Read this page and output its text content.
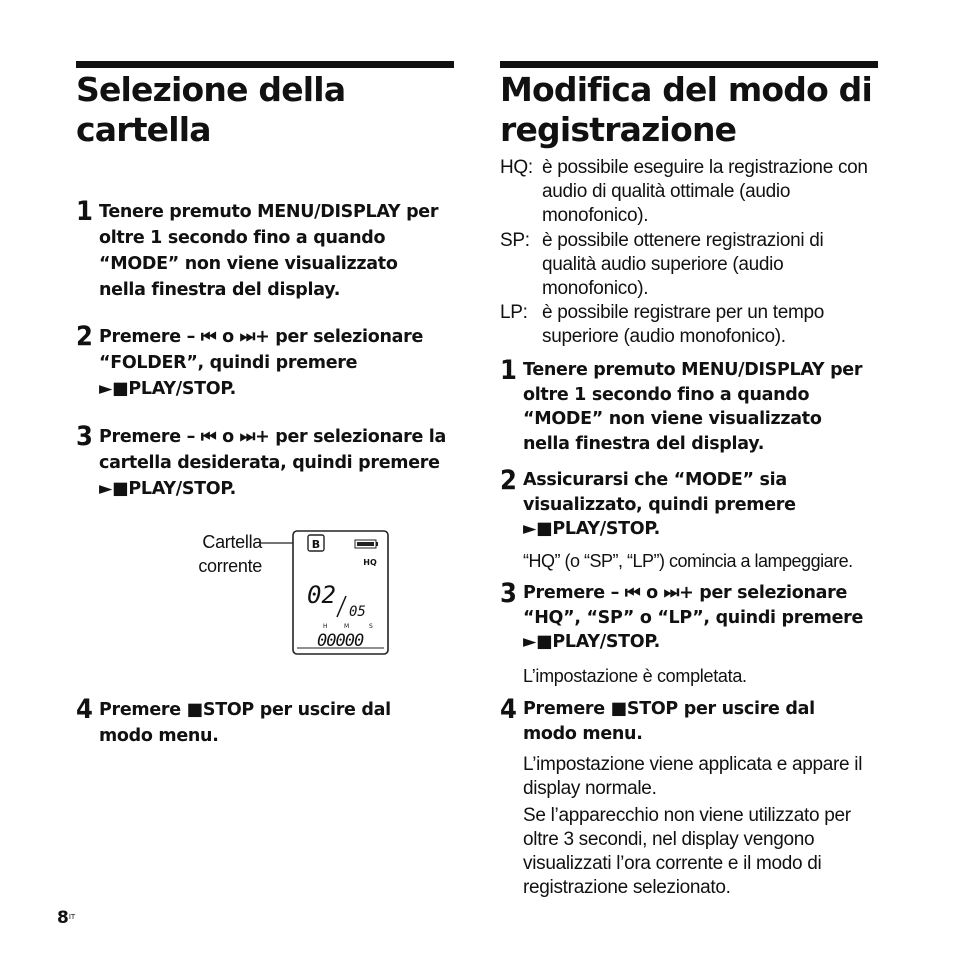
Selezione della cartella
1 Tenere premuto MENU/DISPLAY per oltre 1 secondo fino a quando “MODE” non viene visualizzato nella finestra del display.
2 Premere – ⏮ o ⏭+ per selezionare “FOLDER”, quindi premere ►■PLAY/STOP.
3 Premere – ⏮ o ⏭+ per selezionare la cartella desiderata, quindi premere ►■PLAY/STOP.
Cartella corrente
B
HQ
02
05
H	M	S
00000
4 Premere ■STOP per uscire dal modo menu.
Modifica del modo di registrazione
HQ: è possibile eseguire la registrazione con audio di qualità ottimale (audio monofonico).
SP: è possibile ottenere registrazioni di qualità audio superiore (audio monofonico).
LP: è possibile registrare per un tempo superiore (audio monofonico).
1 Tenere premuto MENU/DISPLAY per oltre 1 secondo fino a quando “MODE” non viene visualizzato nella finestra del display.
2 Assicurarsi che “MODE” sia visualizzato, quindi premere ►■PLAY/STOP.
“HQ” (o “SP”, “LP”) comincia a lampeggiare.
3 Premere – ⏮ o ⏭+ per selezionare “HQ”, “SP” o “LP”, quindi premere ►■PLAY/STOP.
L’impostazione è completata.
4 Premere ■STOP per uscire dal modo menu.
L’impostazione viene applicata e appare il display normale.
Se l’apparecchio non viene utilizzato per oltre 3 secondi, nel display vengono visualizzati l’ora corrente e il modo di registrazione selezionato.
$8^{IT}$
